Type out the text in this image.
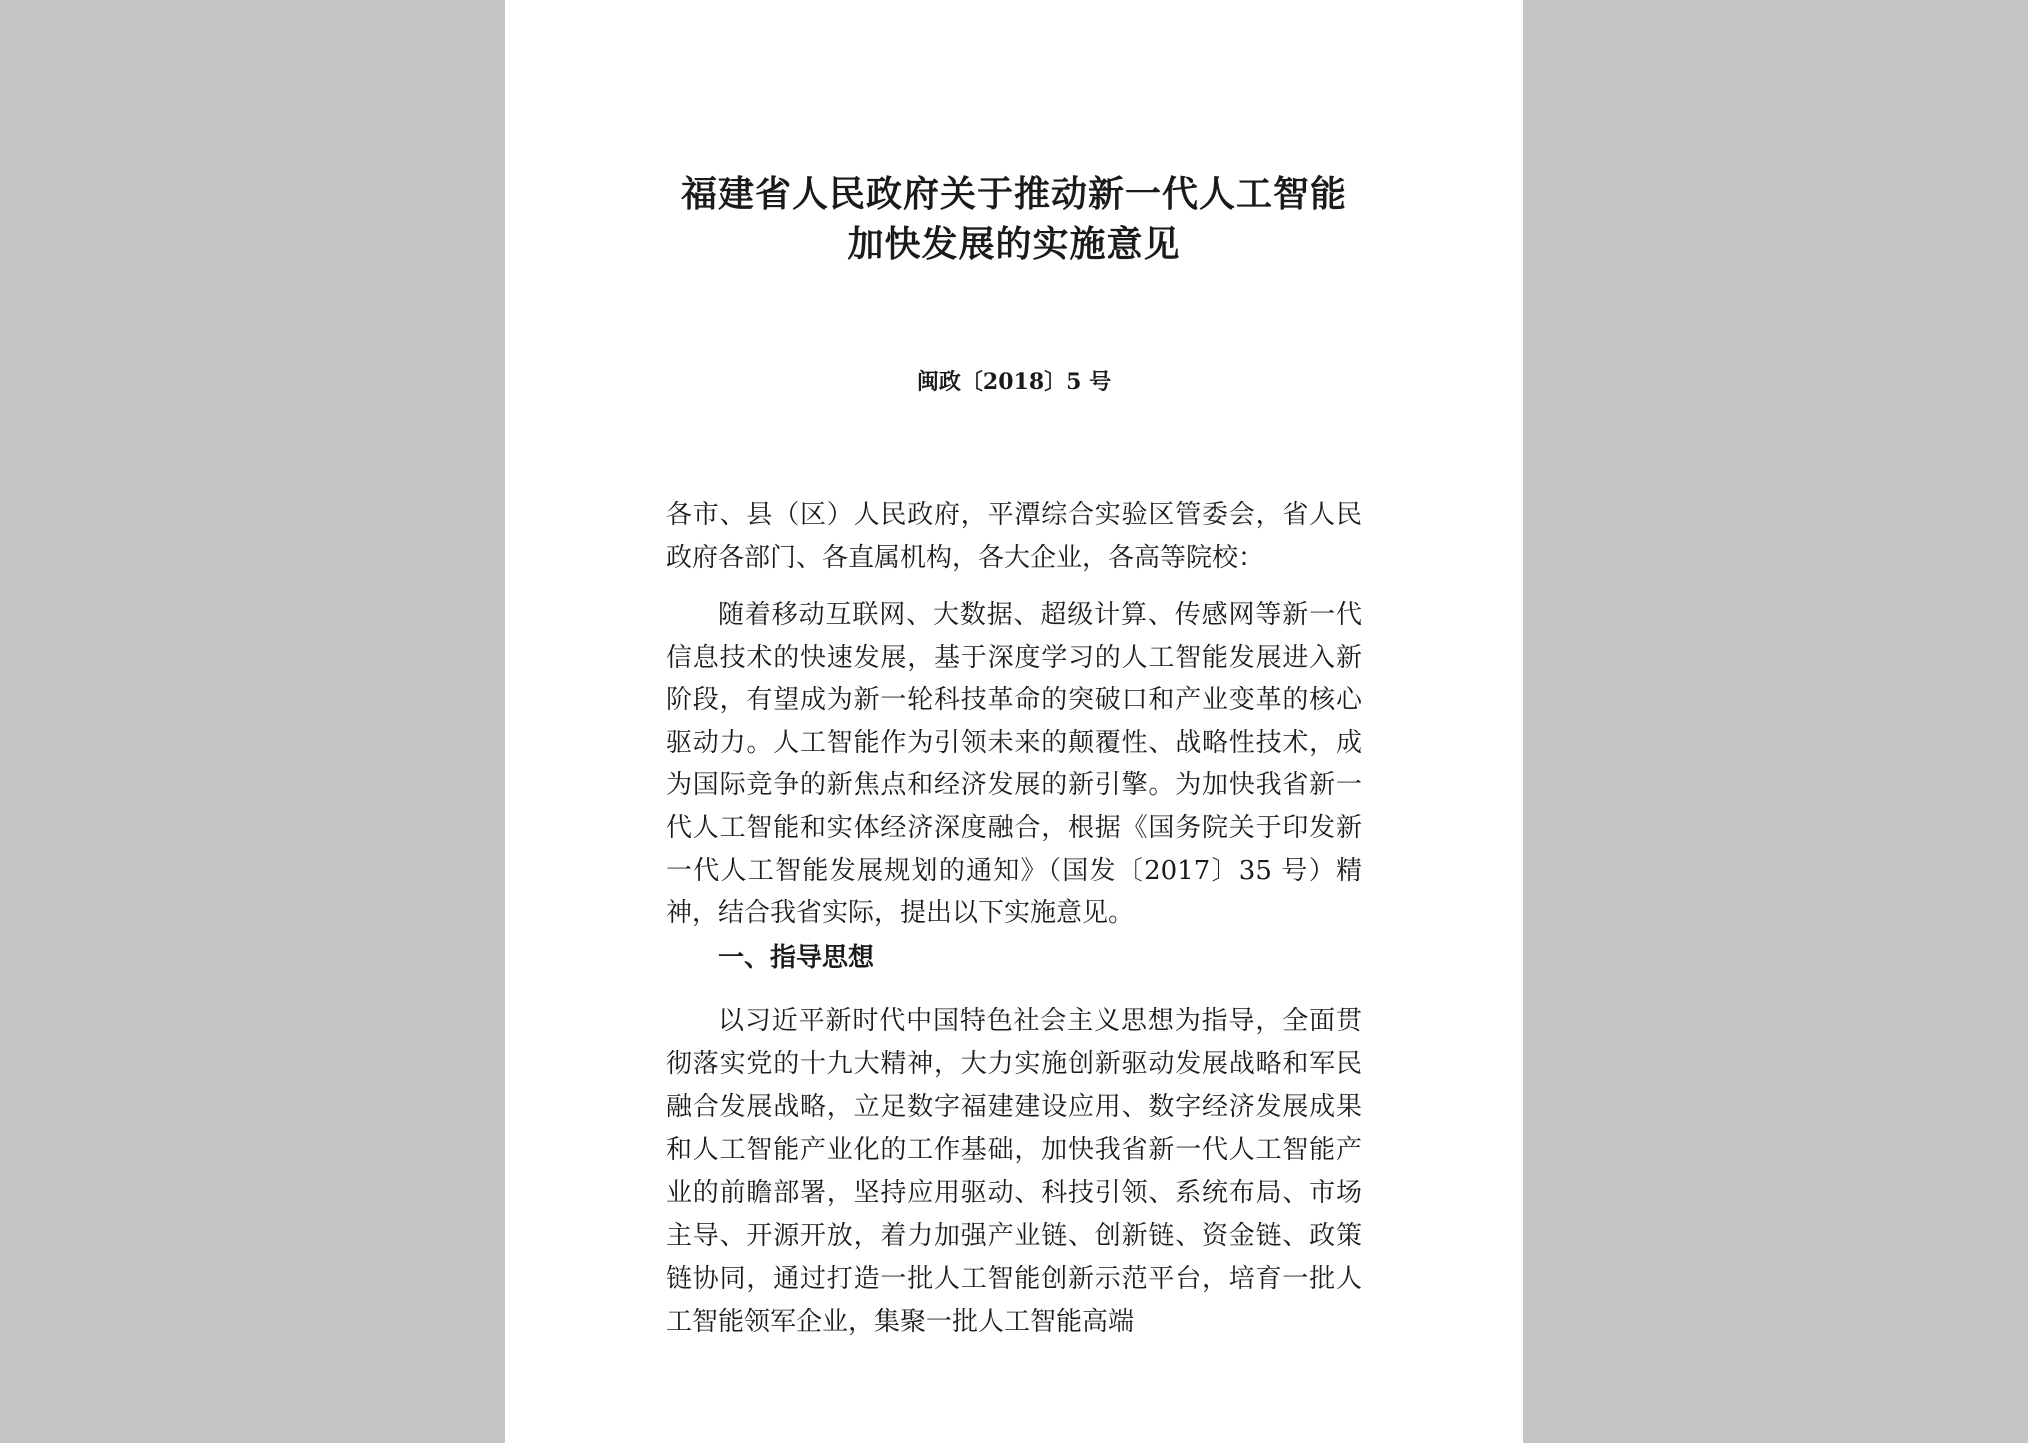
福建省人民政府关于推动新一代人工智能
加快发展的实施意见
闽政〔2018〕5 号

各市、县（区）人民政府，平潭综合实验区管委会，省人民政府各部门、各直属机构，各大企业，各高等院校：

随着移动互联网、大数据、超级计算、传感网等新一代信息技术的快速发展，基于深度学习的人工智能发展进入新阶段，有望成为新一轮科技革命的突破口和产业变革的核心驱动力。人工智能作为引领未来的颠覆性、战略性技术，成为国际竞争的新焦点和经济发展的新引擎。为加快我省新一代人工智能和实体经济深度融合，根据《国务院关于印发新一代人工智能发展规划的通知》（国发〔2017〕35 号）精神，结合我省实际，提出以下实施意见。

一、指导思想

以习近平新时代中国特色社会主义思想为指导，全面贯彻落实党的十九大精神，大力实施创新驱动发展战略和军民融合发展战略，立足数字福建建设应用、数字经济发展成果和人工智能产业化的工作基础，加快我省新一代人工智能产业的前瞻部署，坚持应用驱动、科技引领、系统布局、市场主导、开源开放，着力加强产业链、创新链、资金链、政策链协同，通过打造一批人工智能创新示范平台，培育一批人工智能领军企业，集聚一批人工智能高端
